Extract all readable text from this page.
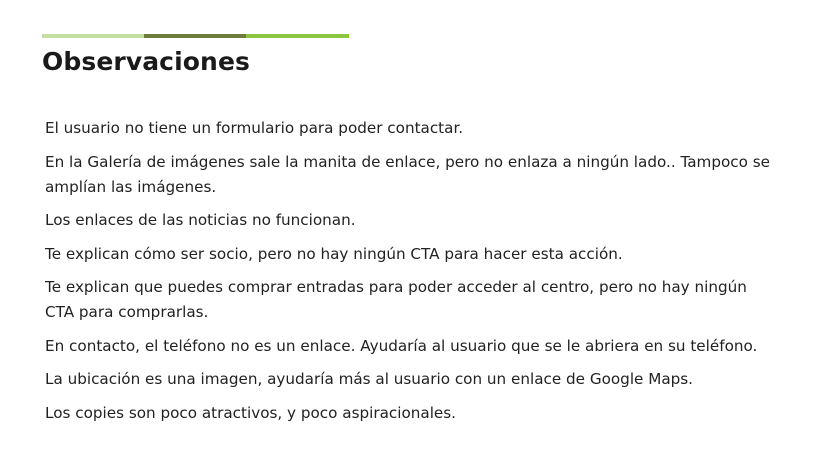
Observaciones
El usuario no tiene un formulario para poder contactar.
En la Galería de imágenes sale la manita de enlace, pero no enlaza a ningún lado.. Tampoco se amplían las imágenes.
Los enlaces de las noticias no funcionan.
Te explican cómo ser socio, pero no hay ningún CTA para hacer esta acción.
Te explican que puedes comprar entradas para poder acceder al centro, pero no hay ningún CTA para comprarlas.
En contacto, el teléfono no es un enlace. Ayudaría al usuario que se le abriera en su teléfono.
La ubicación es una imagen, ayudaría más al usuario con un enlace de Google Maps.
Los copies son poco atractivos, y poco aspiracionales.
